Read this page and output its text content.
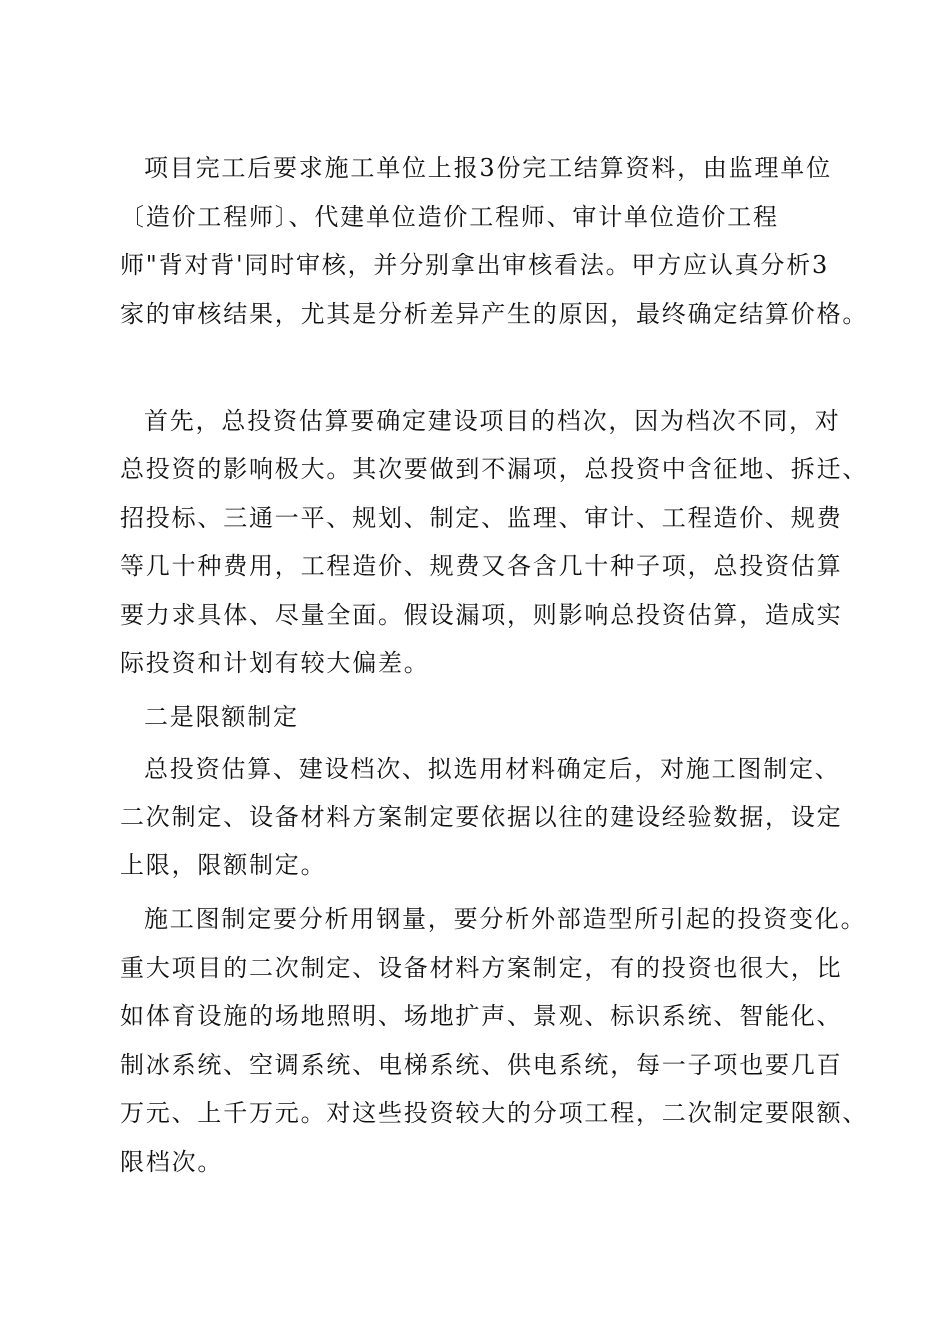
项目完工后要求施工单位上报3份完工结算资料，由监理单位
〔造价工程师〕、代建单位造价工程师、审计单位造价工程
师"背对背'同时审核，并分别拿出审核看法。甲方应认真分析3
家的审核结果，尤其是分析差异产生的原因，最终确定结算价格。
首先，总投资估算要确定建设项目的档次，因为档次不同，对
总投资的影响极大。其次要做到不漏项，总投资中含征地、拆迁、
招投标、三通一平、规划、制定、监理、审计、工程造价、规费
等几十种费用，工程造价、规费又各含几十种子项，总投资估算
要力求具体、尽量全面。假设漏项，则影响总投资估算，造成实
际投资和计划有较大偏差。
二是限额制定
总投资估算、建设档次、拟选用材料确定后，对施工图制定、
二次制定、设备材料方案制定要依据以往的建设经验数据，设定
上限，限额制定。
施工图制定要分析用钢量，要分析外部造型所引起的投资变化。
重大项目的二次制定、设备材料方案制定，有的投资也很大，比
如体育设施的场地照明、场地扩声、景观、标识系统、智能化、
制冰系统、空调系统、电梯系统、供电系统，每一子项也要几百
万元、上千万元。对这些投资较大的分项工程，二次制定要限额、
限档次。
